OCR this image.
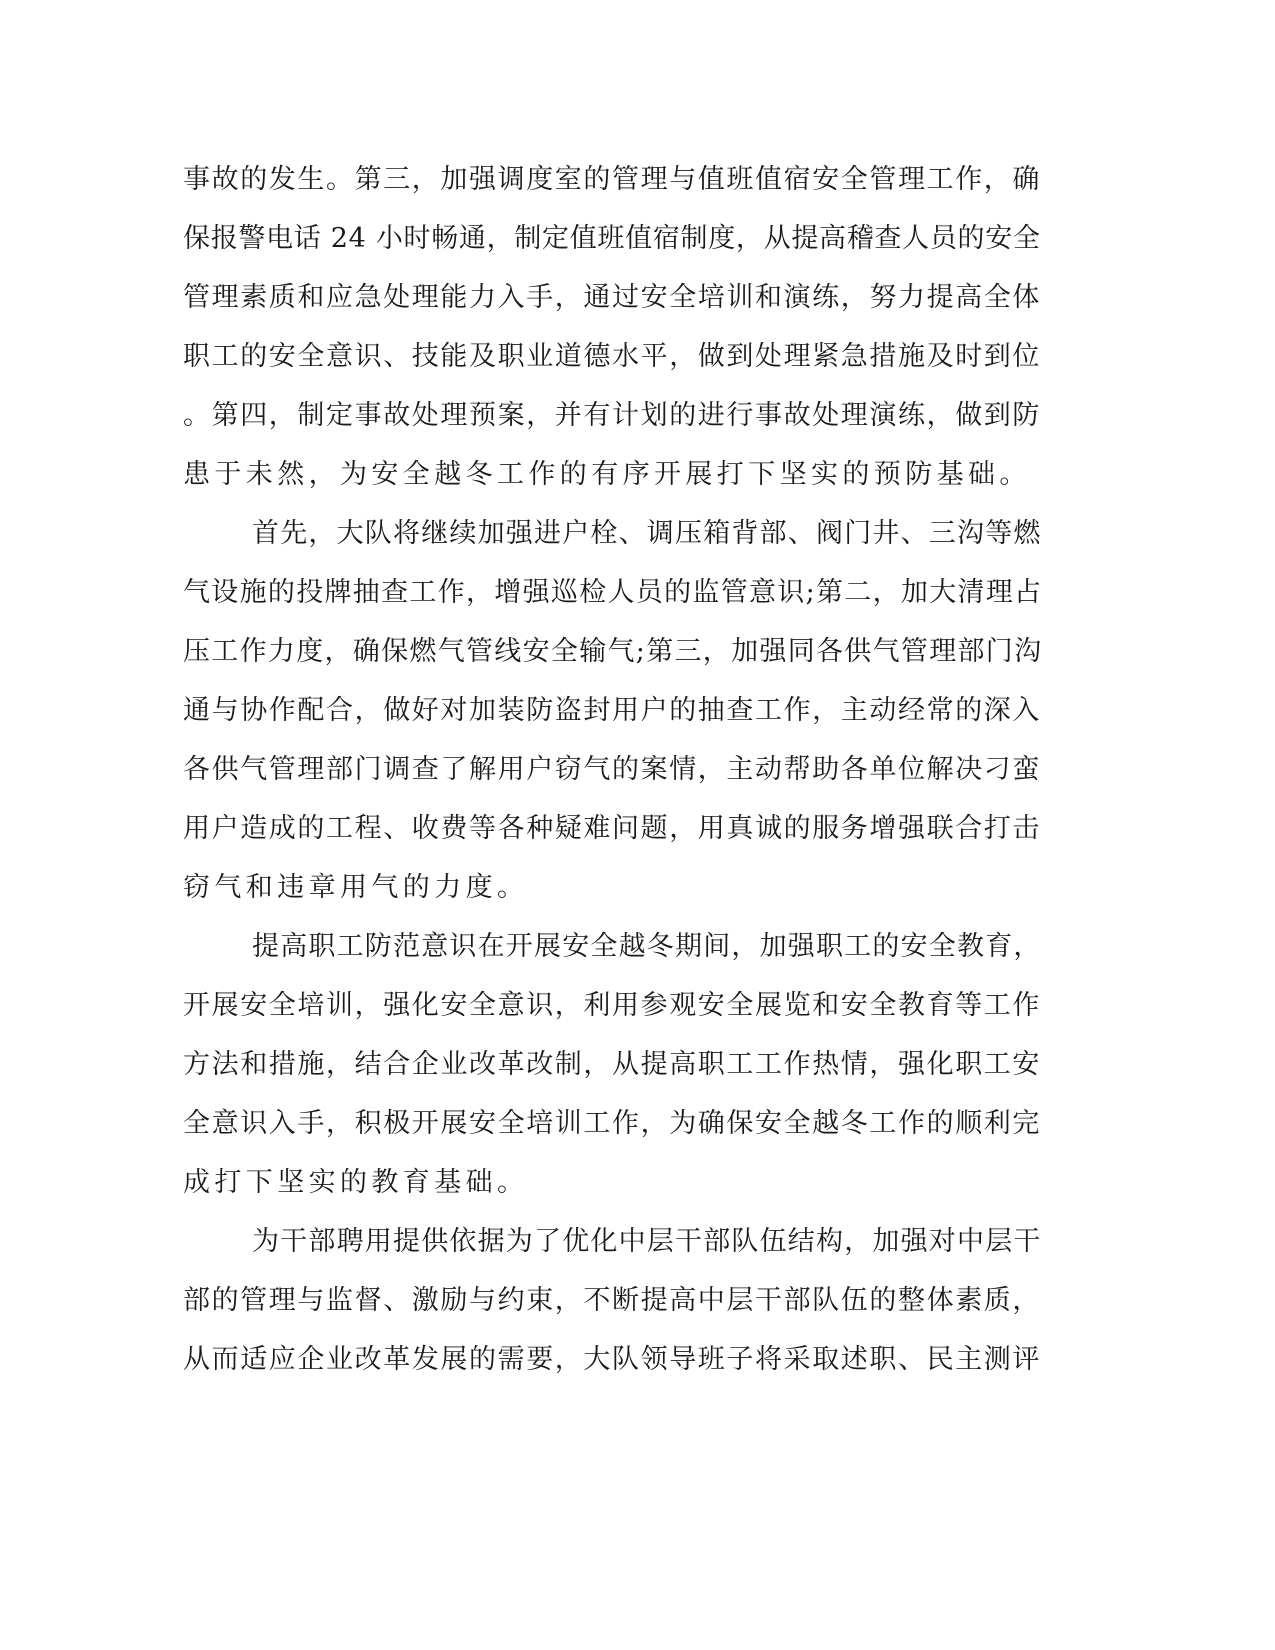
事故的发生。第三，加强调度室的管理与值班值宿安全管理工作，确
保报警电话 24 小时畅通，制定值班值宿制度，从提高稽查人员的安全
管理素质和应急处理能力入手，通过安全培训和演练，努力提高全体
职工的安全意识、技能及职业道德水平，做到处理紧急措施及时到位
。第四，制定事故处理预案，并有计划的进行事故处理演练，做到防
患于未然，为安全越冬工作的有序开展打下坚实的预防基础。
首先，大队将继续加强进户栓、调压箱背部、阀门井、三沟等燃
气设施的投牌抽查工作，增强巡检人员的监管意识;第二，加大清理占
压工作力度，确保燃气管线安全输气;第三，加强同各供气管理部门沟
通与协作配合，做好对加装防盗封用户的抽查工作，主动经常的深入
各供气管理部门调查了解用户窃气的案情，主动帮助各单位解决刁蛮
用户造成的工程、收费等各种疑难问题，用真诚的服务增强联合打击
窃气和违章用气的力度。
提高职工防范意识在开展安全越冬期间，加强职工的安全教育，
开展安全培训，强化安全意识，利用参观安全展览和安全教育等工作
方法和措施，结合企业改革改制，从提高职工工作热情，强化职工安
全意识入手，积极开展安全培训工作，为确保安全越冬工作的顺利完
成打下坚实的教育基础。
为干部聘用提供依据为了优化中层干部队伍结构，加强对中层干
部的管理与监督、激励与约束，不断提高中层干部队伍的整体素质，
从而适应企业改革发展的需要，大队领导班子将采取述职、民主测评
